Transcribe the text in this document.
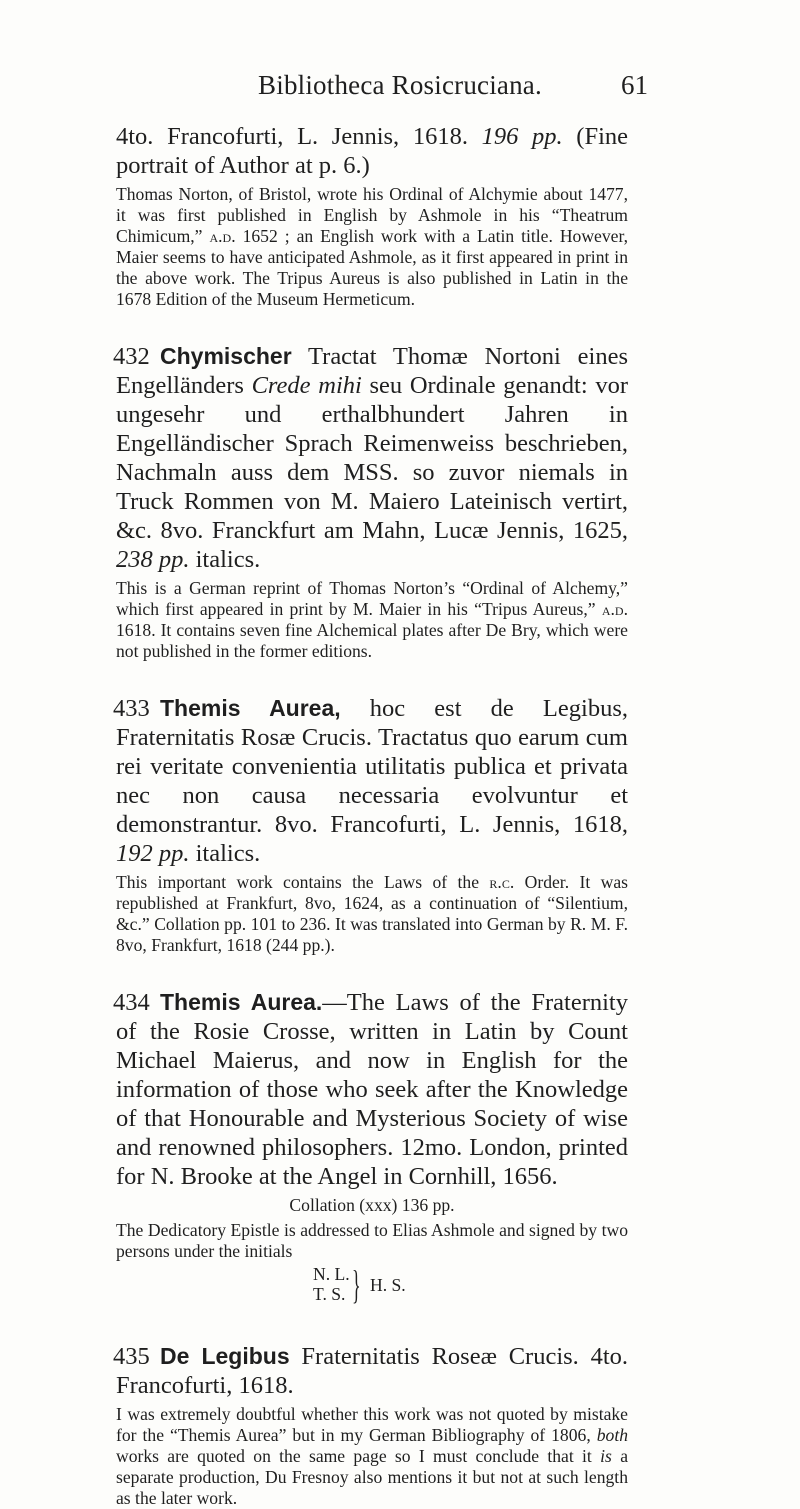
Bibliotheca Rosicruciana.	61

4to. Francofurti, L. Jennis, 1618. 196 pp. (Fine portrait of Author at p. 6.)

Thomas Norton, of Bristol, wrote his Ordinal of Alchymie about 1477, it was first published in English by Ashmole in his “Theatrum Chimicum,” a.d. 1652 ; an English work with a Latin title. However, Maier seems to have anticipated Ashmole, as it first appeared in print in the above work. The Tripus Aureus is also published in Latin in the 1678 Edition of the Museum Hermeticum.

432 Chymischer Tractat Thomæ Nortoni eines Engelländers Crede mihi seu Ordinale genandt: vor ungesehr und erthalbhundert Jahren in Engelländischer Sprach Reimenweiss beschrieben, Nachmaln auss dem MSS. so zuvor niemals in Truck Rommen von M. Maiero Lateinisch vertirt, &c. 8vo. Franckfurt am Mahn, Lucæ Jennis, 1625, 238 pp. italics.

This is a German reprint of Thomas Norton’s “Ordinal of Alchemy,” which first appeared in print by M. Maier in his “Tripus Aureus,” a.d. 1618. It contains seven fine Alchemical plates after De Bry, which were not published in the former editions.

433 Themis Aurea, hoc est de Legibus, Fraternitatis Rosæ Crucis. Tractatus quo earum cum rei veritate convenientia utilitatis publica et privata nec non causa necessaria evolvuntur et demonstrantur. 8vo. Francofurti, L. Jennis, 1618, 192 pp. italics.

This important work contains the Laws of the r.c. Order. It was republished at Frankfurt, 8vo, 1624, as a continuation of “Silentium, &c.” Collation pp. 101 to 236. It was translated into German by R. M. F. 8vo, Frankfurt, 1618 (244 pp.).

434 Themis Aurea.—The Laws of the Fraternity of the Rosie Crosse, written in Latin by Count Michael Maierus, and now in English for the information of those who seek after the Knowledge of that Honourable and Mysterious Society of wise and renowned philosophers. 12mo. London, printed for N. Brooke at the Angel in Cornhill, 1656.

Collation (xxx) 136 pp.

The Dedicatory Epistle is addressed to Elias Ashmole and signed by two persons under the initials

N. L.
T. S. } H. S.
435 De Legibus Fraternitatis Roseæ Crucis. 4to. Francofurti, 1618.

I was extremely doubtful whether this work was not quoted by mistake for the “Themis Aurea” but in my German Bibliography of 1806, both works are quoted on the same page so I must conclude that it is a separate production, Du Fresnoy also mentions it but not at such length as the later work.
